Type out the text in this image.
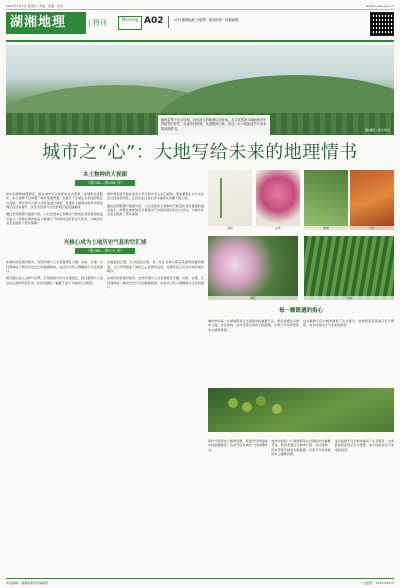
2021年4月1日 星期四 · 责编 · 美编 · 校对	www.hunan.gov.cn
湖湘地理	| 特刊	Morning A02	评刊 湖湘地理 互联网 · 新闻热线 · 投稿邮箱
植物富集于社区结构，具有深入的地理认知价值。本文试图探寻湖南城市中的植物多样性，从城市到田野，从道路到山林，讲述一片大地如何书写未来的地理情书。	图/湖南 · 地方风光
城市之“心”：大地写给未来的地理情书
本土物种的大视图
（第536—第596 页）

树木的植物地理研究，是各城市可以依托的生态资源。在城市化进程中，本土树种不仅构建了城市景观骨架，也维系了区域生态系统的稳定与连续。研究者对大量公共绿地进行调查，发现乡土植物在城市中的比例正在逐步提升，其生态价值与文化价值日益受到重视。

通过长期观测与数据分析，人们发现本土物种对气候变化具有更强的适应能力，能够在城市热岛与极端天气中保持良好的生长状态，为城市生态安全提供了坚实保障。

城市规划者开始在更多公共空间中引入乡土植物，形成兼具生态与文化意义的绿色网络，让居民在日常生活中重新认识脚下的土地。

通过长期观测与数据分析，人们发现本土物种对气候变化具有更强的适应能力，能够在城市热岛与极端天气中保持良好的生长状态，为城市生态安全提供了坚实保障。

当核心成为土地历史气息的空汇域
（第568—第571 页）

在城市的发展历程中，自然环境与人文景观相互交融。古树、古道、古村落构成了城市历史记忆的重要载体，也成为当代人理解地方文化的窗口。

研究团队深入山林与乡野，记录植物分布与生境变化，探讨植物与人类活动之间的长期互动，并尝试描绘一幅属于这片大地的生态图景。

从湿地到丘陵，从河流到山地，每一处生态单元都有其独特的植物群落，它们共同组成了城市之心的绿色底色，也寄托着人们对未来的美好期许。

在城市的发展历程中，自然环境与人文景观相互交融。古树、古道、古村落构成了城市历史记忆的重要载体，也成为当代人理解地方文化的窗口。

虎杖	山茶	蕨类	红叶
野花	竹林
每一颗既遗的指心

城市中的每一片绿地都是生态网络中的重要节点。研究者通过对城市公园、社区绿地、河岸带等空间的长期观测，记录下许多珍贵的本土植物资源。

这些植物不仅为城市提供了生态服务，也承载着居民的记忆与情感，成为连接过去与未来的纽带。

保护与利用本土植物资源，是建设可持续城市的重要路径，也是写给未来的一封地理情书。

城市中的每一片绿地都是生态网络中的重要节点。研究者通过对城市公园、社区绿地、河岸带等空间的长期观测，记录下许多珍贵的本土植物资源。

这些植物不仅为城市提供了生态服务，也承载着居民的记忆与情感，成为连接过去与未来的纽带。

本版编辑：湖湘地理特刊编辑部	广告经营：0731-84375
